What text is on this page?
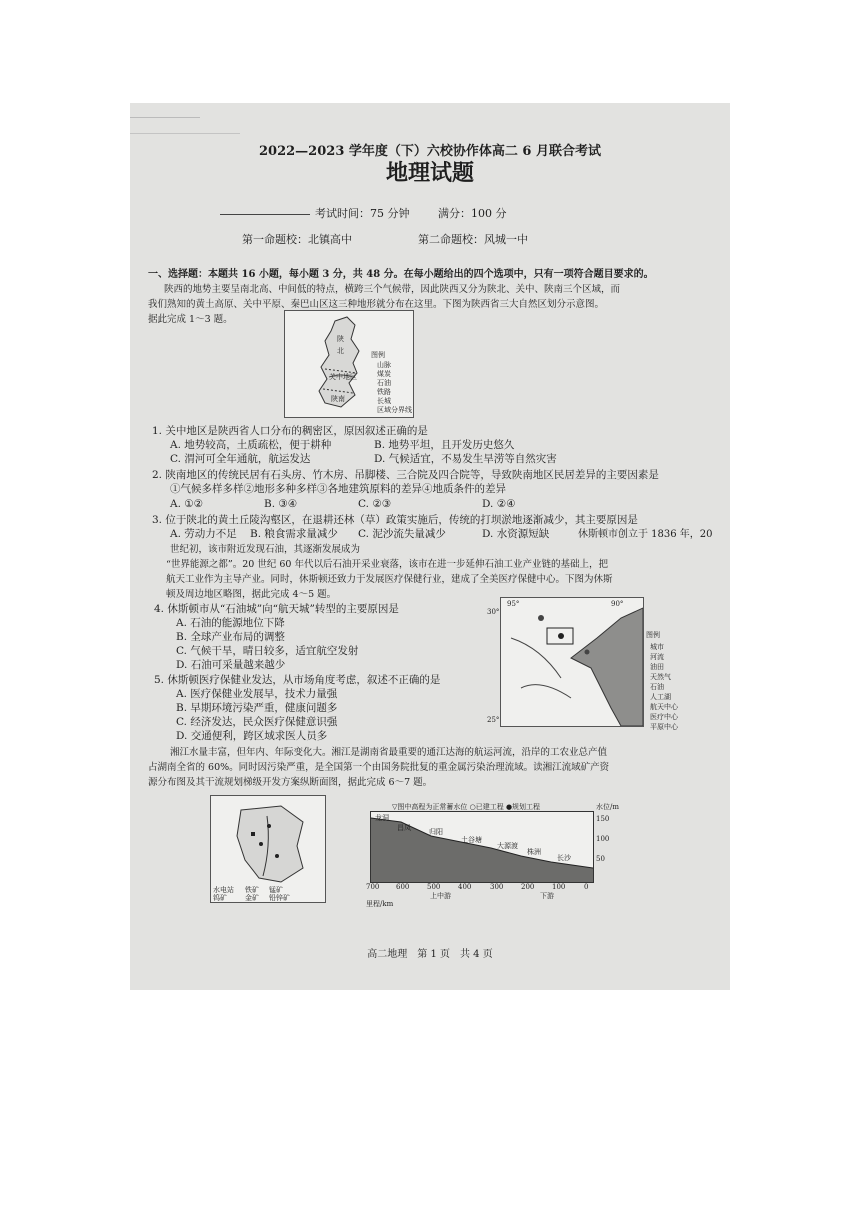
2022—2023 学年度（下）六校协作体高二 6 月联合考试
地理试题
考试时间：75 分钟	满分：100 分
第一命题校：北镇高中	第二命题校：风城一中
一、选择题：本题共 16 小题，每小题 3 分，共 48 分。在每小题给出的四个选项中，只有一项符合题目要求的。
陕西的地势主要呈南北高、中间低的特点，横跨三个气候带，因此陕西又分为陕北、关中、陕南三个区域，而
我们熟知的黄土高原、关中平原、秦巴山区这三种地形就分布在这里。下图为陕西省三大自然区划分示意图。
据此完成 1～3 题。
陕
北
关中地区
陕南
图例
山脉
煤炭
石油
铁路
长城
区域分界线
1. 关中地区是陕西省人口分布的稠密区，原因叙述正确的是
A. 地势较高，土质疏松，便于耕种	B. 地势平坦，且开发历史悠久
C. 渭河可全年通航，航运发达	D. 气候适宜，不易发生旱涝等自然灾害
2. 陕南地区的传统民居有石头房、竹木房、吊脚楼、三合院及四合院等，导致陕南地区民居差异的主要因素是
①气候多样多样②地形多种多样③各地建筑原料的差异④地质条件的差异
A. ①②	B. ③④	C. ②③	D. ②④
3. 位于陕北的黄土丘陵沟壑区，在退耕还林（草）政策实施后，传统的打坝淤地逐渐减少，其主要原因是
A. 劳动力不足 B. 粮食需求量减少 C. 泥沙流失量减少	D. 水资源短缺	休斯顿市创立于 1836 年，20
世纪初，该市附近发现石油，其逐渐发展成为
“世界能源之都”。20 世纪 60 年代以后石油开采业衰落，该市在进一步延伸石油工业产业链的基础上，把
航天工业作为主导产业。同时，休斯顿还致力于发展医疗保健行业，建成了全美医疗保健中心。下图为休斯
顿及周边地区略图，据此完成 4～5 题。
4. 休斯顿市从“石油城”向“航天城”转型的主要原因是
A. 石油的能源地位下降
B. 全球产业布局的调整
C. 气候干旱，晴日较多，适宜航空发射
D. 石油可采量越来越少
5. 休斯顿医疗保健业发达，从市场角度考虑，叙述不正确的是
A. 医疗保健业发展早，技术力量强
B. 早期环境污染严重，健康问题多
C. 经济发达，民众医疗保健意识强
D. 交通便利，跨区域求医人员多
95°	90°
30°
25°
图例
城市
河流
油田
天然气
石油
人工湖
航天中心
医疗中心
平原中心
湘江水量丰富，但年内、年际变化大。湘江是湖南省最重要的通江达海的航运河流，沿岸的工农业总产值
占湖南全省的 60%。同时因污染严重，是全国第一个由国务院批复的重金属污染治理流域。读湘江流域矿产资
源分布图及其干流规划梯级开发方案纵断面图，据此完成 6～7 题。
水电站 铁矿 锰矿
钨矿	金矿 铅锌矿
▽图中高程为正常蓄水位 ○已建工程 ●规划工程	水位/m
龙洞
昌凤	归阳
土谷塘
大源渡
株洲
长沙
150
100
50
700 600	500	400	300	200	100	0
上中游	下游
里程/km
高二地理　第 1 页　共 4 页
